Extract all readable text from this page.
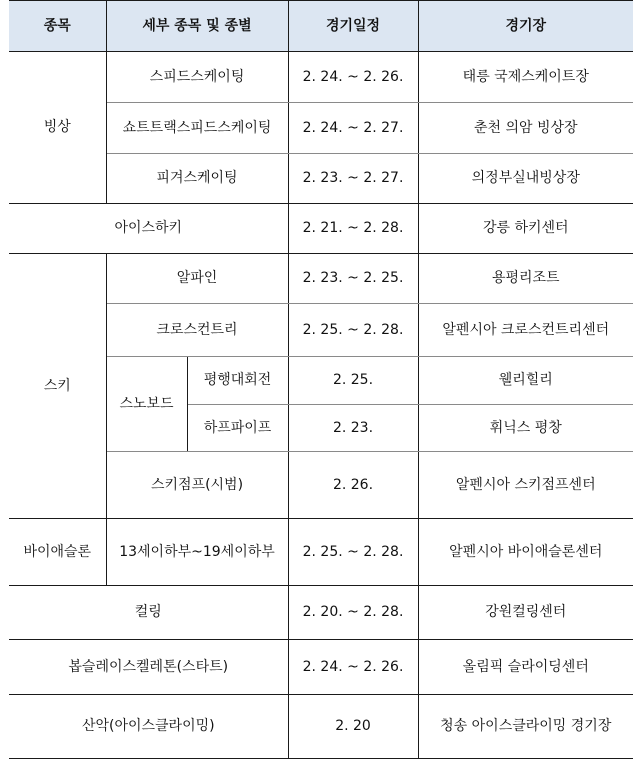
종목	세부 종목 및 종별		경기일정	경기장
빙상	스피드스케이팅		2. 24. ~ 2. 26.	태릉 국제스케이트장
	쇼트트랙스피드스케이팅		2. 24. ~ 2. 27.	춘천 의암 빙상장
	피겨스케이팅		2. 23. ~ 2. 27.	의정부실내빙상장
아이스하키			2. 21. ~ 2. 28.	강릉 하키센터
스키	알파인		2. 23. ~ 2. 25.	용평리조트
	크로스컨트리		2. 25. ~ 2. 28.	알펜시아 크로스컨트리센터
	스노보드	평행대회전	2. 25.	웰리힐리
		하프파이프	2. 23.	휘닉스 평창
	스키점프(시범)		2. 26.	알펜시아 스키점프센터
바이애슬론	13세이하부~19세이하부		2. 25. ~ 2. 28.	알펜시아 바이애슬론센터
컬링			2. 20. ~ 2. 28.	강원컬링센터
봅슬레이스켈레톤(스타트)			2. 24. ~ 2. 26.	올림픽 슬라이딩센터
산악(아이스클라이밍)			2. 20	청송 아이스클라이밍 경기장
